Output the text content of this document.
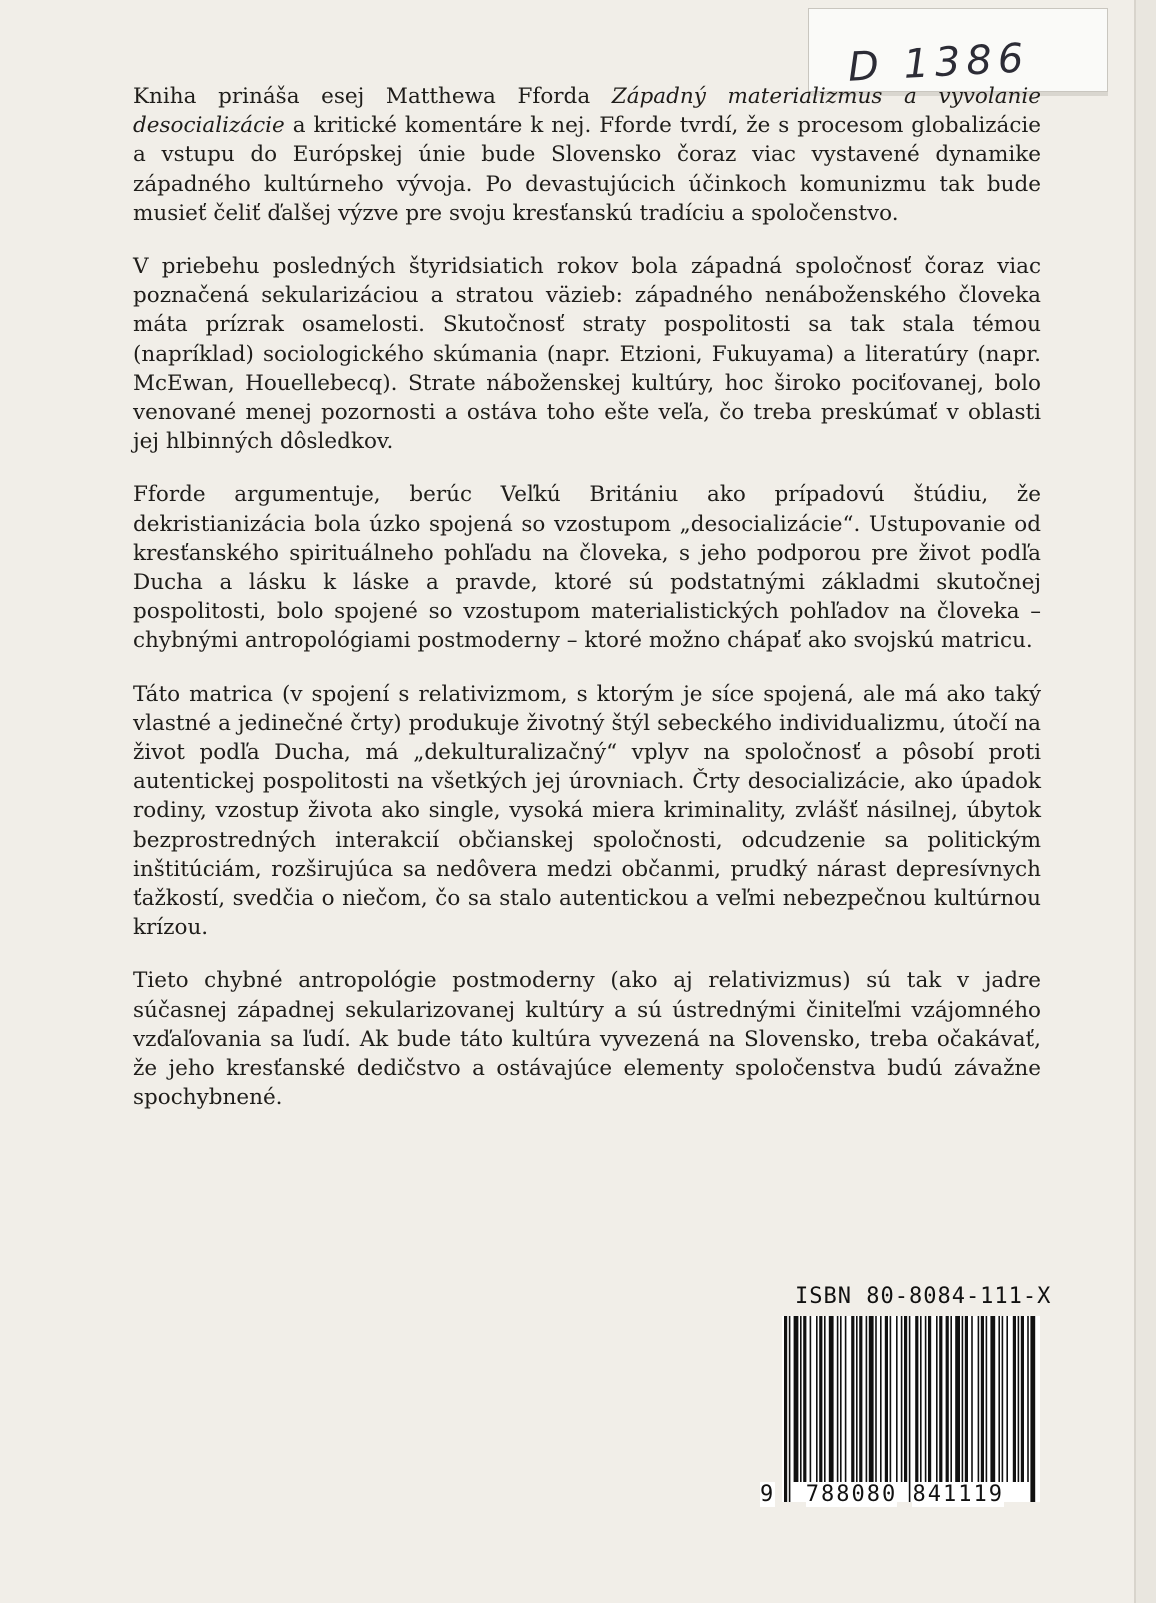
D 1386

Kniha prináša esej Matthewa Fforda Západný materializmus a vyvolanie desocializácie a kritické komentáre k nej. Fforde tvrdí, že s procesom globalizácie a vstupu do Európskej únie bude Slovensko čoraz viac vystavené dynamike západného kultúrneho vývoja. Po devastujúcich účinkoch komunizmu tak bude musieť čeliť ďalšej výzve pre svoju kresťanskú tradíciu a spoločenstvo.

V priebehu posledných štyridsiatich rokov bola západná spoločnosť čoraz viac poznačená sekularizáciou a stratou väzieb: západného nenáboženského človeka máta prízrak osamelosti. Skutočnosť straty pospolitosti sa tak stala témou (napríklad) sociologického skúmania (napr. Etzioni, Fukuyama) a literatúry (napr. McEwan, Houellebecq). Strate náboženskej kultúry, hoc široko pociťovanej, bolo venované menej pozornosti a ostáva toho ešte veľa, čo treba preskúmať v oblasti jej hlbinných dôsledkov.

Fforde argumentuje, berúc Veľkú Britániu ako prípadovú štúdiu, že dekristianizácia bola úzko spojená so vzostupom „desocializácie“. Ustupovanie od kresťanského spirituálneho pohľadu na človeka, s jeho podporou pre život podľa Ducha a lásku k láske a pravde, ktoré sú podstatnými základmi skutočnej pospolitosti, bolo spojené so vzostupom materialistických pohľadov na človeka – chybnými antropológiami postmoderny – ktoré možno chápať ako svojskú matricu.

Táto matrica (v spojení s relativizmom, s ktorým je síce spojená, ale má ako taký vlastné a jedinečné črty) produkuje životný štýl sebeckého individualizmu, útočí na život podľa Ducha, má „dekulturalizačný“ vplyv na spoločnosť a pôsobí proti autentickej pospolitosti na všetkých jej úrovniach. Črty desocializácie, ako úpadok rodiny, vzostup života ako single, vysoká miera kriminality, zvlášť násilnej, úbytok bezprostredných interakcií občianskej spoločnosti, odcudzenie sa politickým inštitúciám, rozširujúca sa nedôvera medzi občanmi, prudký nárast depresívnych ťažkostí, svedčia o niečom, čo sa stalo autentickou a veľmi nebezpečnou kultúrnou krízou.

Tieto chybné antropológie postmoderny (ako aj relativizmus) sú tak v jadre súčasnej západnej sekularizovanej kultúry a sú ústrednými činiteľmi vzájomného vzďaľovania sa ľudí. Ak bude táto kultúra vyvezená na Slovensko, treba očakávať, že jeho kresťanské dedičstvo a ostávajúce elementy spoločenstva budú závažne spochybnené.

ISBN 80-8084-111-X
9 788080 841119
